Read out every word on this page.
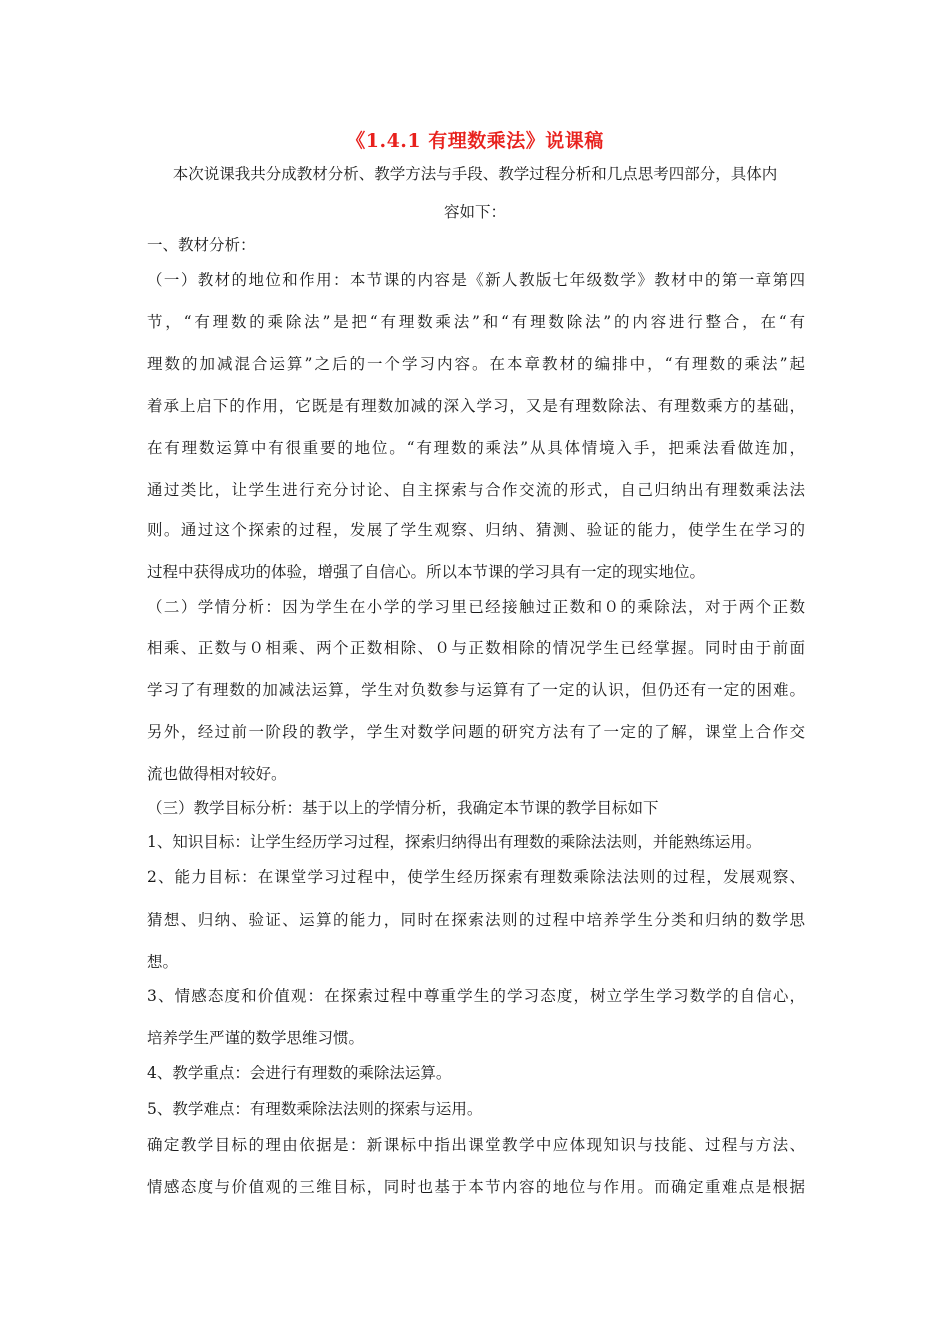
《1.4.1 有理数乘法》说课稿
本次说课我共分成教材分析、教学方法与手段、教学过程分析和几点思考四部分，具体内
容如下：
一、教材分析：
（一）教材的地位和作用：本节课的内容是《新人教版七年级数学》教材中的第一章第四
节，“有理数的乘除法”是把“有理数乘法”和“有理数除法”的内容进行整合，在“有
理数的加减混合运算”之后的一个学习内容。在本章教材的编排中，“有理数的乘法”起
着承上启下的作用，它既是有理数加减的深入学习，又是有理数除法、有理数乘方的基础，
在有理数运算中有很重要的地位。“有理数的乘法”从具体情境入手，把乘法看做连加，
通过类比，让学生进行充分讨论、自主探索与合作交流的形式，自己归纳出有理数乘法法
则。通过这个探索的过程，发展了学生观察、归纳、猜测、验证的能力，使学生在学习的
过程中获得成功的体验，增强了自信心。所以本节课的学习具有一定的现实地位。
（二）学情分析：因为学生在小学的学习里已经接触过正数和０的乘除法，对于两个正数
相乘、正数与０相乘、两个正数相除、０与正数相除的情况学生已经掌握。同时由于前面
学习了有理数的加减法运算，学生对负数参与运算有了一定的认识，但仍还有一定的困难。
另外，经过前一阶段的教学，学生对数学问题的研究方法有了一定的了解，课堂上合作交
流也做得相对较好。
（三）教学目标分析：基于以上的学情分析，我确定本节课的教学目标如下
1、知识目标：让学生经历学习过程，探索归纳得出有理数的乘除法法则，并能熟练运用。
2、能力目标：在课堂学习过程中，使学生经历探索有理数乘除法法则的过程，发展观察、
猜想、归纳、验证、运算的能力，同时在探索法则的过程中培养学生分类和归纳的数学思
想。
3、情感态度和价值观：在探索过程中尊重学生的学习态度，树立学生学习数学的自信心，
培养学生严谨的数学思维习惯。
4、教学重点：会进行有理数的乘除法运算。
5、教学难点：有理数乘除法法则的探索与运用。
确定教学目标的理由依据是：新课标中指出课堂教学中应体现知识与技能、过程与方法、
情感态度与价值观的三维目标，同时也基于本节内容的地位与作用。而确定重难点是根据
